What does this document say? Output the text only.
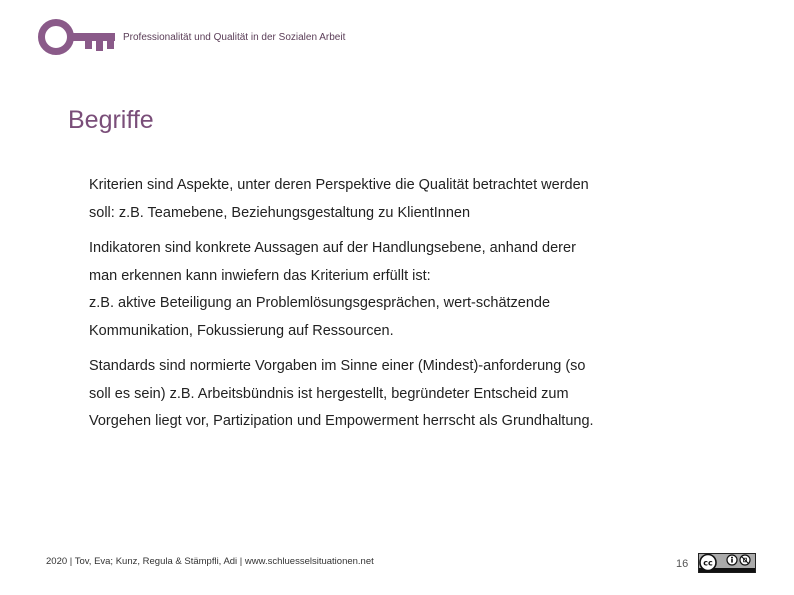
Professionalität und Qualität in der Sozialen Arbeit
Begriffe
Kriterien sind Aspekte, unter deren Perspektive die Qualität betrachtet werden
soll: z.B. Teamebene, Beziehungsgestaltung zu KlientInnen
Indikatoren sind konkrete Aussagen auf der Handlungsebene, anhand derer
man erkennen kann inwiefern das Kriterium erfüllt ist:
z.B. aktive Beteiligung an Problemlösungsgesprächen, wert-schätzende
Kommunikation, Fokussierung auf Ressourcen.
Standards sind normierte Vorgaben im Sinne einer (Mindest)-anforderung (so
soll es sein) z.B. Arbeitsbündnis ist hergestellt, begründeter Entscheid zum
Vorgehen liegt vor, Partizipation und Empowerment herrscht als Grundhaltung.
2020 | Tov, Eva; Kunz, Regula & Stämpfli, Adi | www.schluesselsituationen.net	16 cc
